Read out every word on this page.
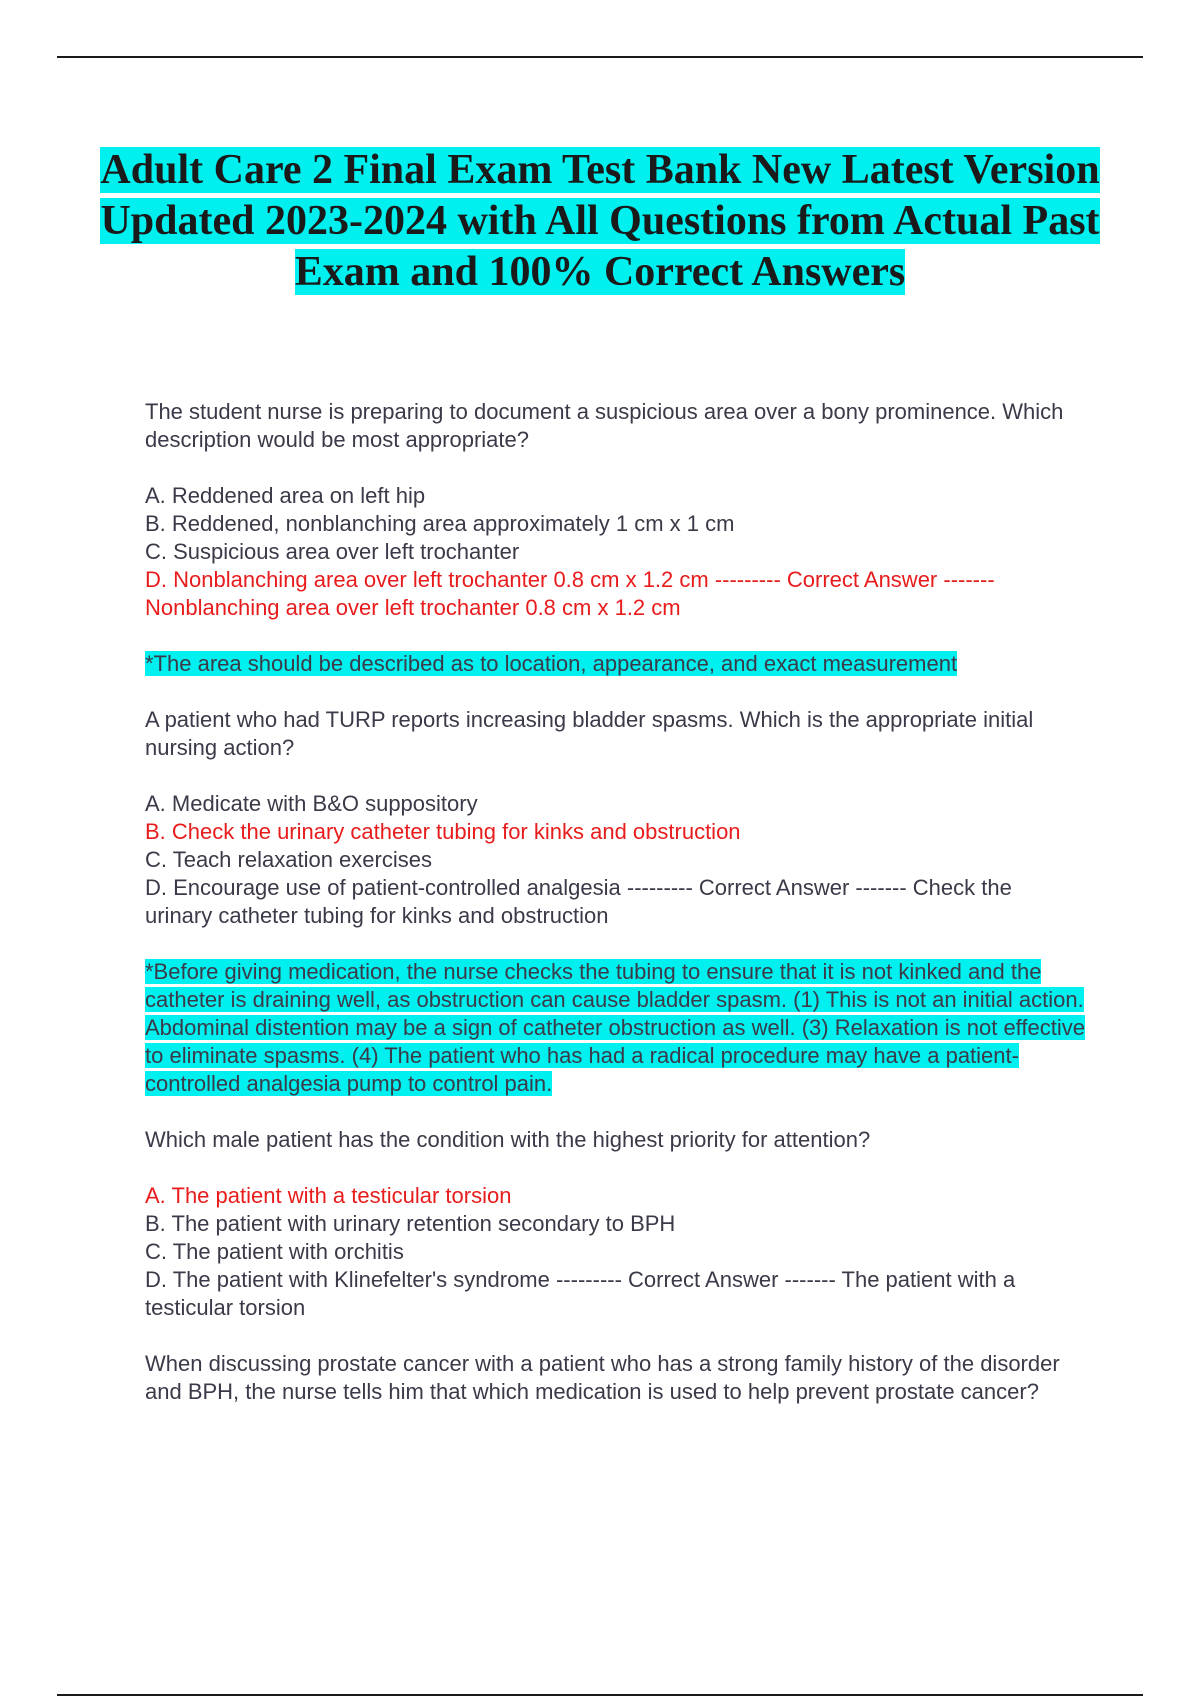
Adult Care 2 Final Exam Test Bank New Latest Version Updated 2023-2024 with All Questions from Actual Past Exam and 100% Correct Answers

The student nurse is preparing to document a suspicious area over a bony prominence. Which description would be most appropriate?

A. Reddened area on left hip
B. Reddened, nonblanching area approximately 1 cm x 1 cm
C. Suspicious area over left trochanter
D. Nonblanching area over left trochanter 0.8 cm x 1.2 cm --------- Correct Answer ------- Nonblanching area over left trochanter 0.8 cm x 1.2 cm

*The area should be described as to location, appearance, and exact measurement

A patient who had TURP reports increasing bladder spasms. Which is the appropriate initial nursing action?

A. Medicate with B&O suppository
B. Check the urinary catheter tubing for kinks and obstruction
C. Teach relaxation exercises
D. Encourage use of patient-controlled analgesia --------- Correct Answer ------- Check the urinary catheter tubing for kinks and obstruction

*Before giving medication, the nurse checks the tubing to ensure that it is not kinked and the catheter is draining well, as obstruction can cause bladder spasm. (1) This is not an initial action. Abdominal distention may be a sign of catheter obstruction as well. (3) Relaxation is not effective to eliminate spasms. (4) The patient who has had a radical procedure may have a patient-controlled analgesia pump to control pain.

Which male patient has the condition with the highest priority for attention?

A. The patient with a testicular torsion
B. The patient with urinary retention secondary to BPH
C. The patient with orchitis
D. The patient with Klinefelter's syndrome --------- Correct Answer ------- The patient with a testicular torsion

When discussing prostate cancer with a patient who has a strong family history of the disorder and BPH, the nurse tells him that which medication is used to help prevent prostate cancer?
